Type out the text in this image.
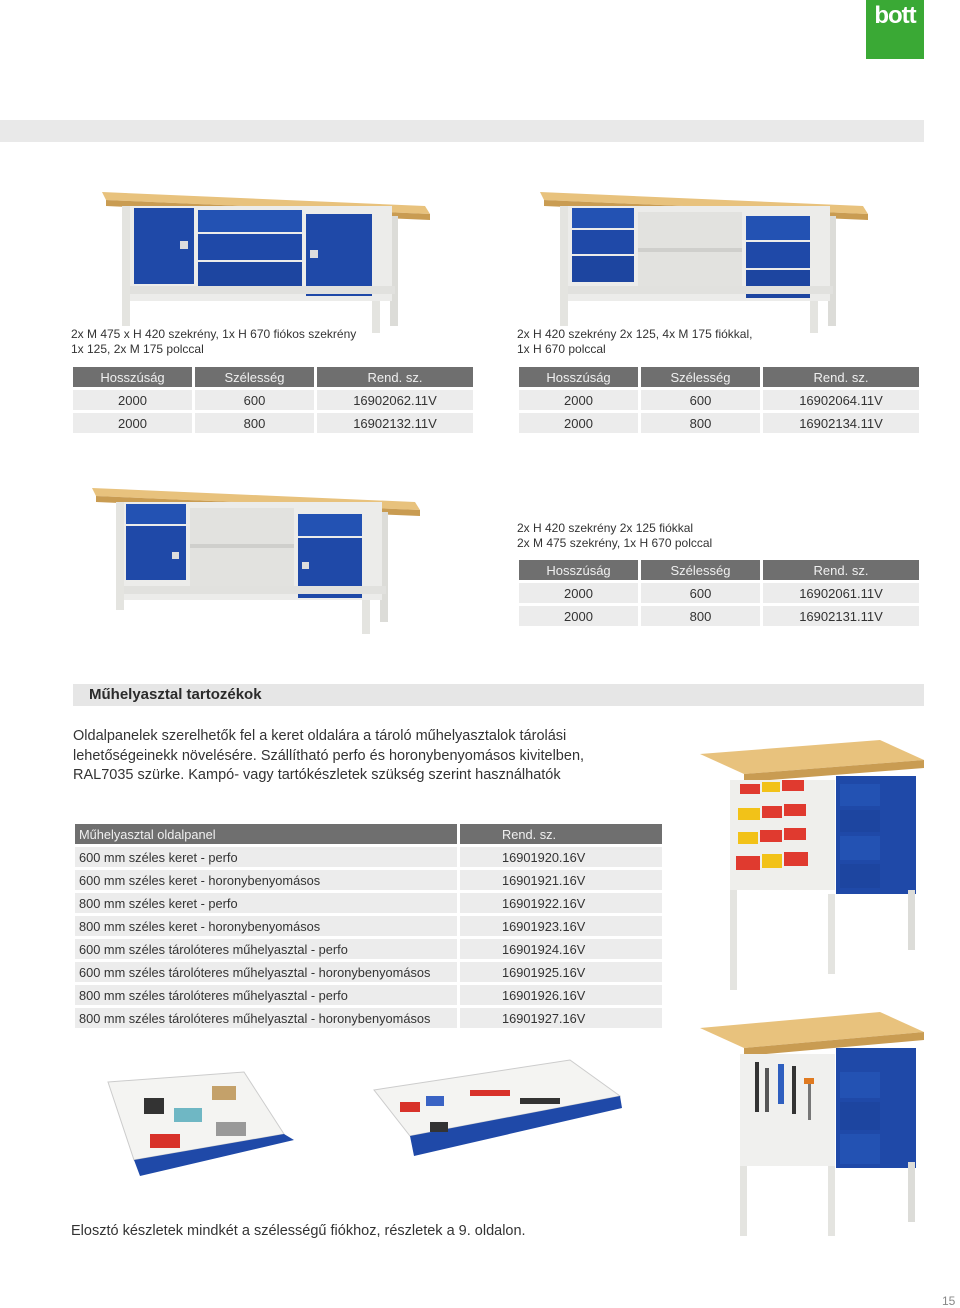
bott
2x M 475 x H 420 szekrény, 1x H 670 fiókos szekrény
1x 125, 2x M 175 polccal
Hosszúság	Szélesség	Rend. sz.
2000	600	16902062.11V
2000	800	16902132.11V
2x H 420 szekrény 2x 125, 4x M 175 fiókkal,
1x H 670 polccal
Hosszúság	Szélesség	Rend. sz.
2000	600	16902064.11V
2000	800	16902134.11V
2x H 420 szekrény 2x 125 fiókkal
2x M 475 szekrény, 1x H 670 polccal
Hosszúság	Szélesség	Rend. sz.
2000	600	16902061.11V
2000	800	16902131.11V
Műhelyasztal tartozékok
Oldalpanelek szerelhetők fel a keret oldalára a tároló műhelyasztalok tárolási lehetőségeinekk növelésére. Szállítható perfo és horonybenyomásos kivitelben, RAL7035 szürke. Kampó- vagy tartókészletek szükség szerint használhatók
Műhelyasztal oldalpanel	Rend. sz.
600 mm széles keret - perfo	16901920.16V
600 mm széles keret - horonybenyomásos	16901921.16V
800 mm széles keret - perfo	16901922.16V
800 mm széles keret - horonybenyomásos	16901923.16V
600 mm széles tárolóteres műhelyasztal - perfo	16901924.16V
600 mm széles tárolóteres műhelyasztal - horonybenyomásos	16901925.16V
800 mm széles tárolóteres műhelyasztal - perfo	16901926.16V
800 mm széles tárolóteres műhelyasztal - horonybenyomásos	16901927.16V
Elosztó készletek mindkét a szélességű fiókhoz, részletek a 9. oldalon.
15
